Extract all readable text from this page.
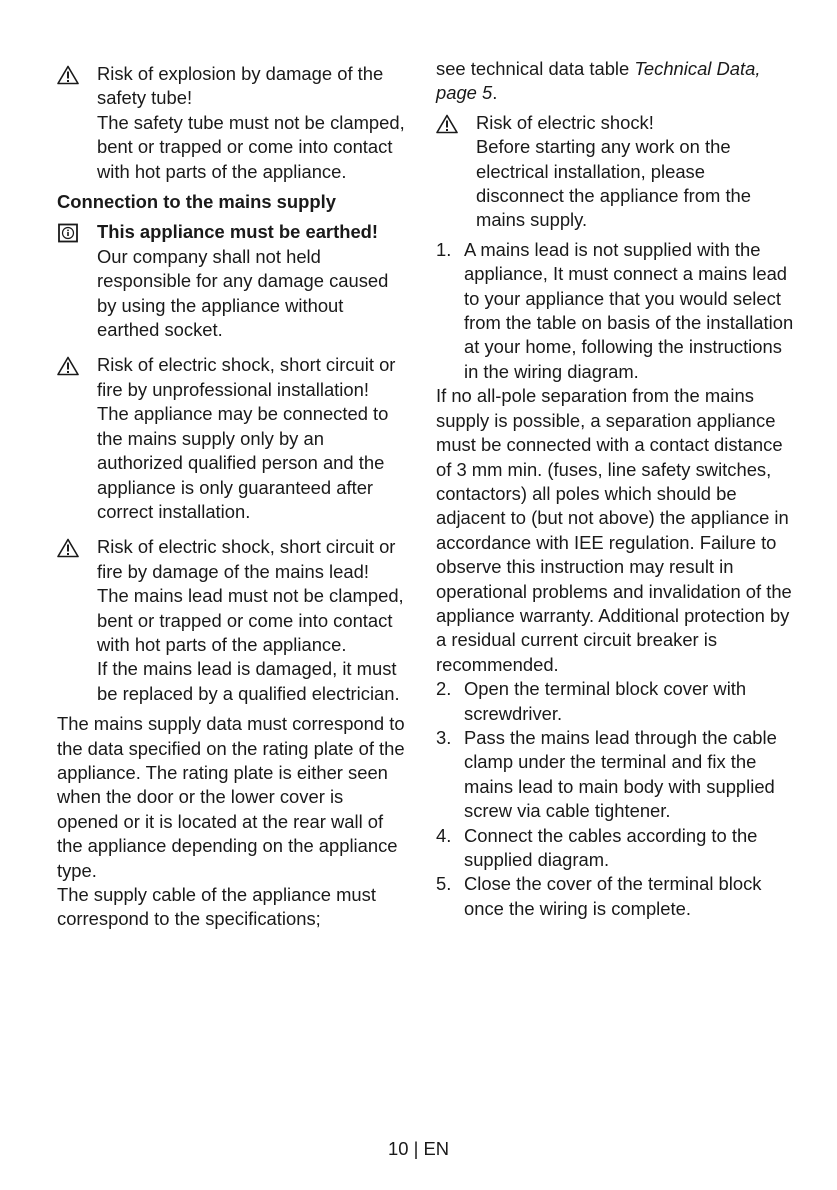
Risk of explosion by damage of the safety tube!

The safety tube must not be clamped, bent or trapped or come into contact with hot parts of the appliance.

Connection to the mains supply

This appliance must be earthed!

Our company shall not held responsible for any damage caused by using the appliance without earthed socket.

Risk of electric shock, short circuit or fire by unprofessional installation!

The appliance may be connected to the mains supply only by an authorized qualified person and the appliance is only guaranteed after correct installation.

Risk of electric shock, short circuit or fire by damage of the mains lead!

The mains lead must not be clamped, bent or trapped or come into contact with hot parts of the appliance.

If the mains lead is damaged, it must be replaced by a qualified electrician.

The mains supply data must correspond to the data specified on the rating plate of the appliance. The rating plate is either seen when the door or the lower cover is opened or it is located at the rear wall of the appliance depending on the appliance type.

The supply cable of the appliance must correspond to the specifications;

see technical data table Technical Data, page 5.

Risk of electric shock!

Before starting any work on the electrical installation, please disconnect the appliance from the mains supply.

1. A mains lead is not supplied with the appliance, It must connect a mains lead to your appliance that you would select from the table on basis of the installation at your home, following the instructions in the wiring diagram.

If no all-pole separation from the mains supply is possible, a separation appliance must be connected with a contact distance of 3 mm min. (fuses, line safety switches, contactors) all poles which should be adjacent to (but not above) the appliance in accordance with IEE regulation. Failure to observe this instruction may result in operational problems and invalidation of the appliance warranty. Additional protection by a residual current circuit breaker is recommended.

2. Open the terminal block cover with screwdriver.

3. Pass the mains lead through the cable clamp under the terminal and fix the mains lead to main body with supplied screw via cable tightener.

4. Connect the cables according to the supplied diagram.

5. Close the cover of the terminal block once the wiring is complete.

10 | EN
